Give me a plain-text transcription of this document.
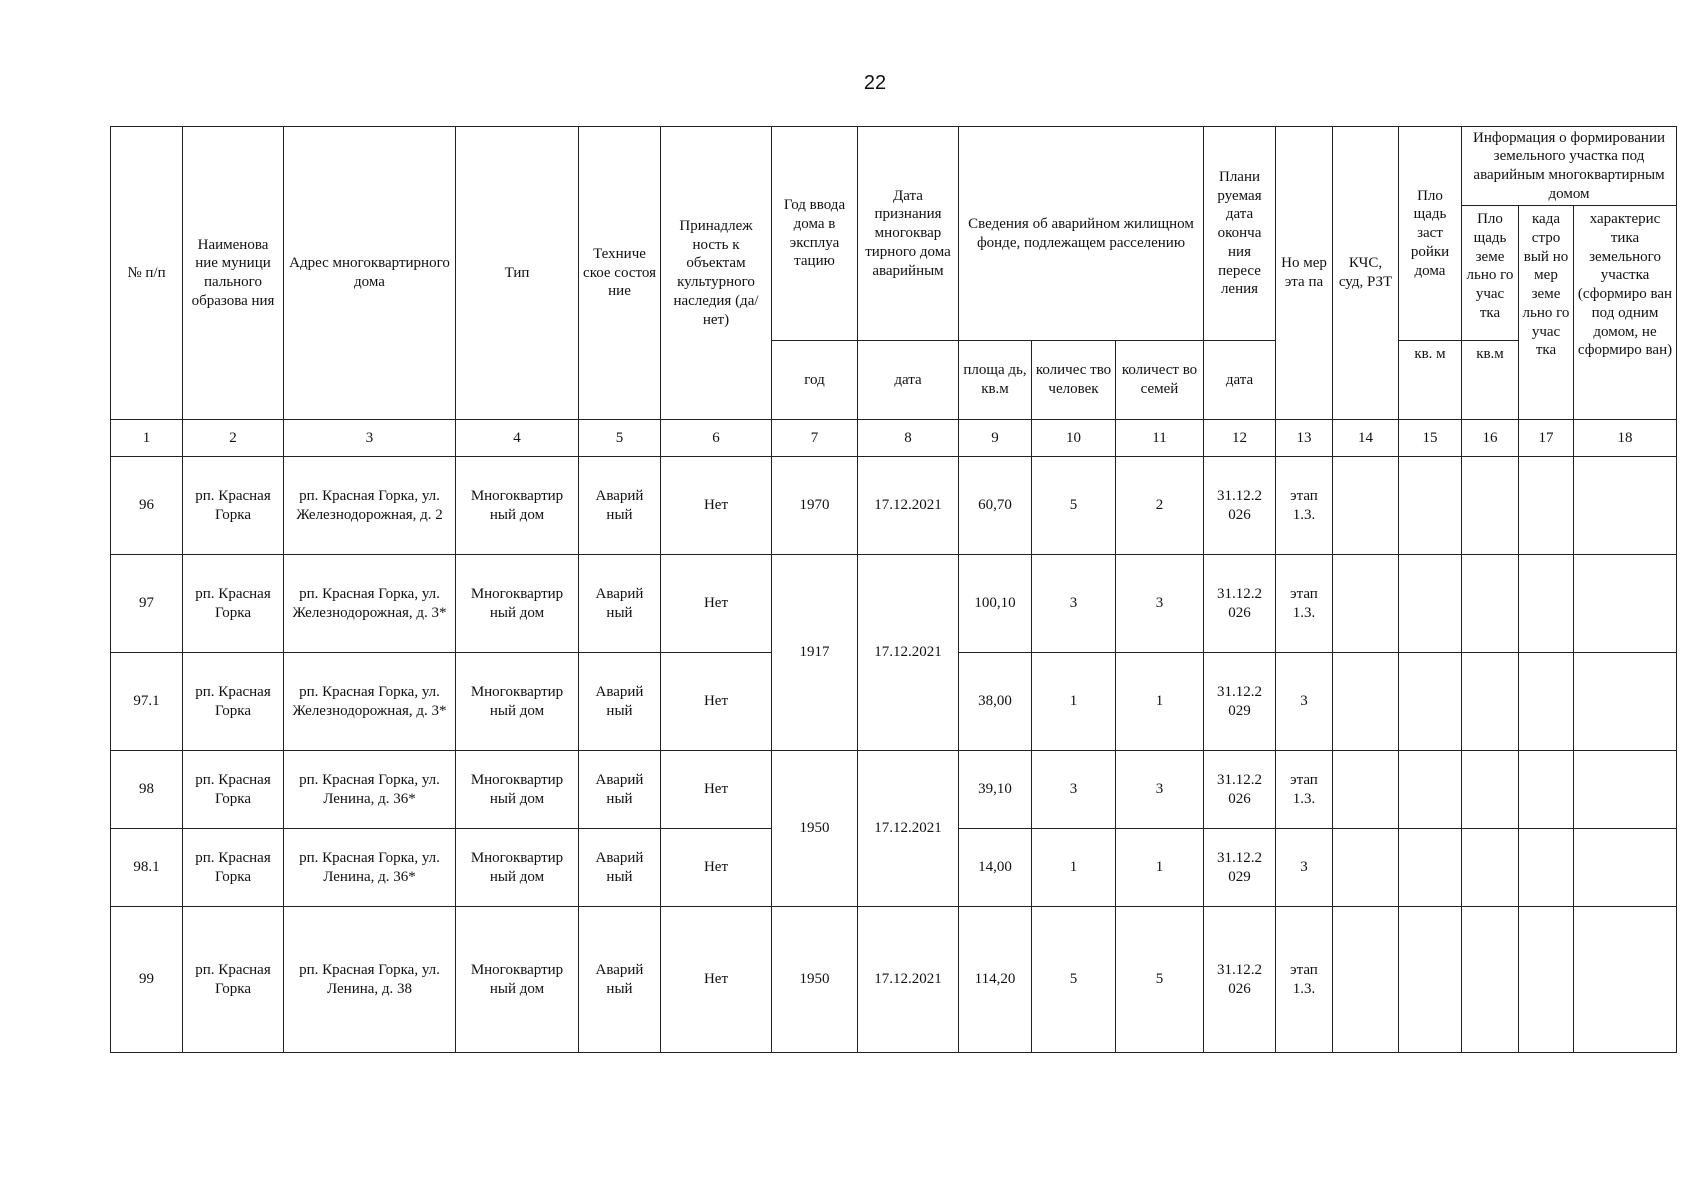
22
№ п/п	Наименова ние муници пального образова ния	Адрес многоквартирного дома	Тип	Техниче ское состоя ние	Принадлеж ность к объектам культурного наследия (да/нет)	Год ввода дома в эксплуа тацию	Дата признания многоквар тирного дома аварийным	Сведения об аварийном жилищном фонде, подлежащем расселению			Плани руемая дата оконча ния пересе ления	Но мер эта па	КЧС, суд, РЗТ	Пло щадь заст ройки дома	Информация о формировании земельного участка под аварийным многоквартирным домом		
															Пло щадь земе льно го учас тка	када стро вый но мер земе льно го учас тка	характерис тика земельного участка (сформиро ван под одним домом, не сформиро ван)
						год	дата	площа дь, кв.м	количес тво человек	количест во семей	дата			кв. м	кв.м		
1	2	3	4	5	6	7	8	9	10	11	12	13	14	15	16	17	18
96	рп. Красная Горка	рп. Красная Горка, ул. Железнодорожная, д. 2	Многоквартир ный дом	Аварий ный	Нет	1970	17.12.2021	60,70	5	2	31.12.2 026	этап 1.3.					
97	рп. Красная Горка	рп. Красная Горка, ул. Железнодорожная, д. 3*	Многоквартир ный дом	Аварий ный	Нет	1917	17.12.2021	100,10	3	3	31.12.2 026	этап 1.3.					
97.1	рп. Красная Горка	рп. Красная Горка, ул. Железнодорожная, д. 3*	Многоквартир ный дом	Аварий ный	Нет			38,00	1	1	31.12.2 029	3					
98	рп. Красная Горка	рп. Красная Горка, ул. Ленина, д. 36*	Многоквартир ный дом	Аварий ный	Нет	1950	17.12.2021	39,10	3	3	31.12.2 026	этап 1.3.					
98.1	рп. Красная Горка	рп. Красная Горка, ул. Ленина, д. 36*	Многоквартир ный дом	Аварий ный	Нет			14,00	1	1	31.12.2 029	3					
99	рп. Красная Горка	рп. Красная Горка, ул. Ленина, д. 38	Многоквартир ный дом	Аварий ный	Нет	1950	17.12.2021	114,20	5	5	31.12.2 026	этап 1.3.					
